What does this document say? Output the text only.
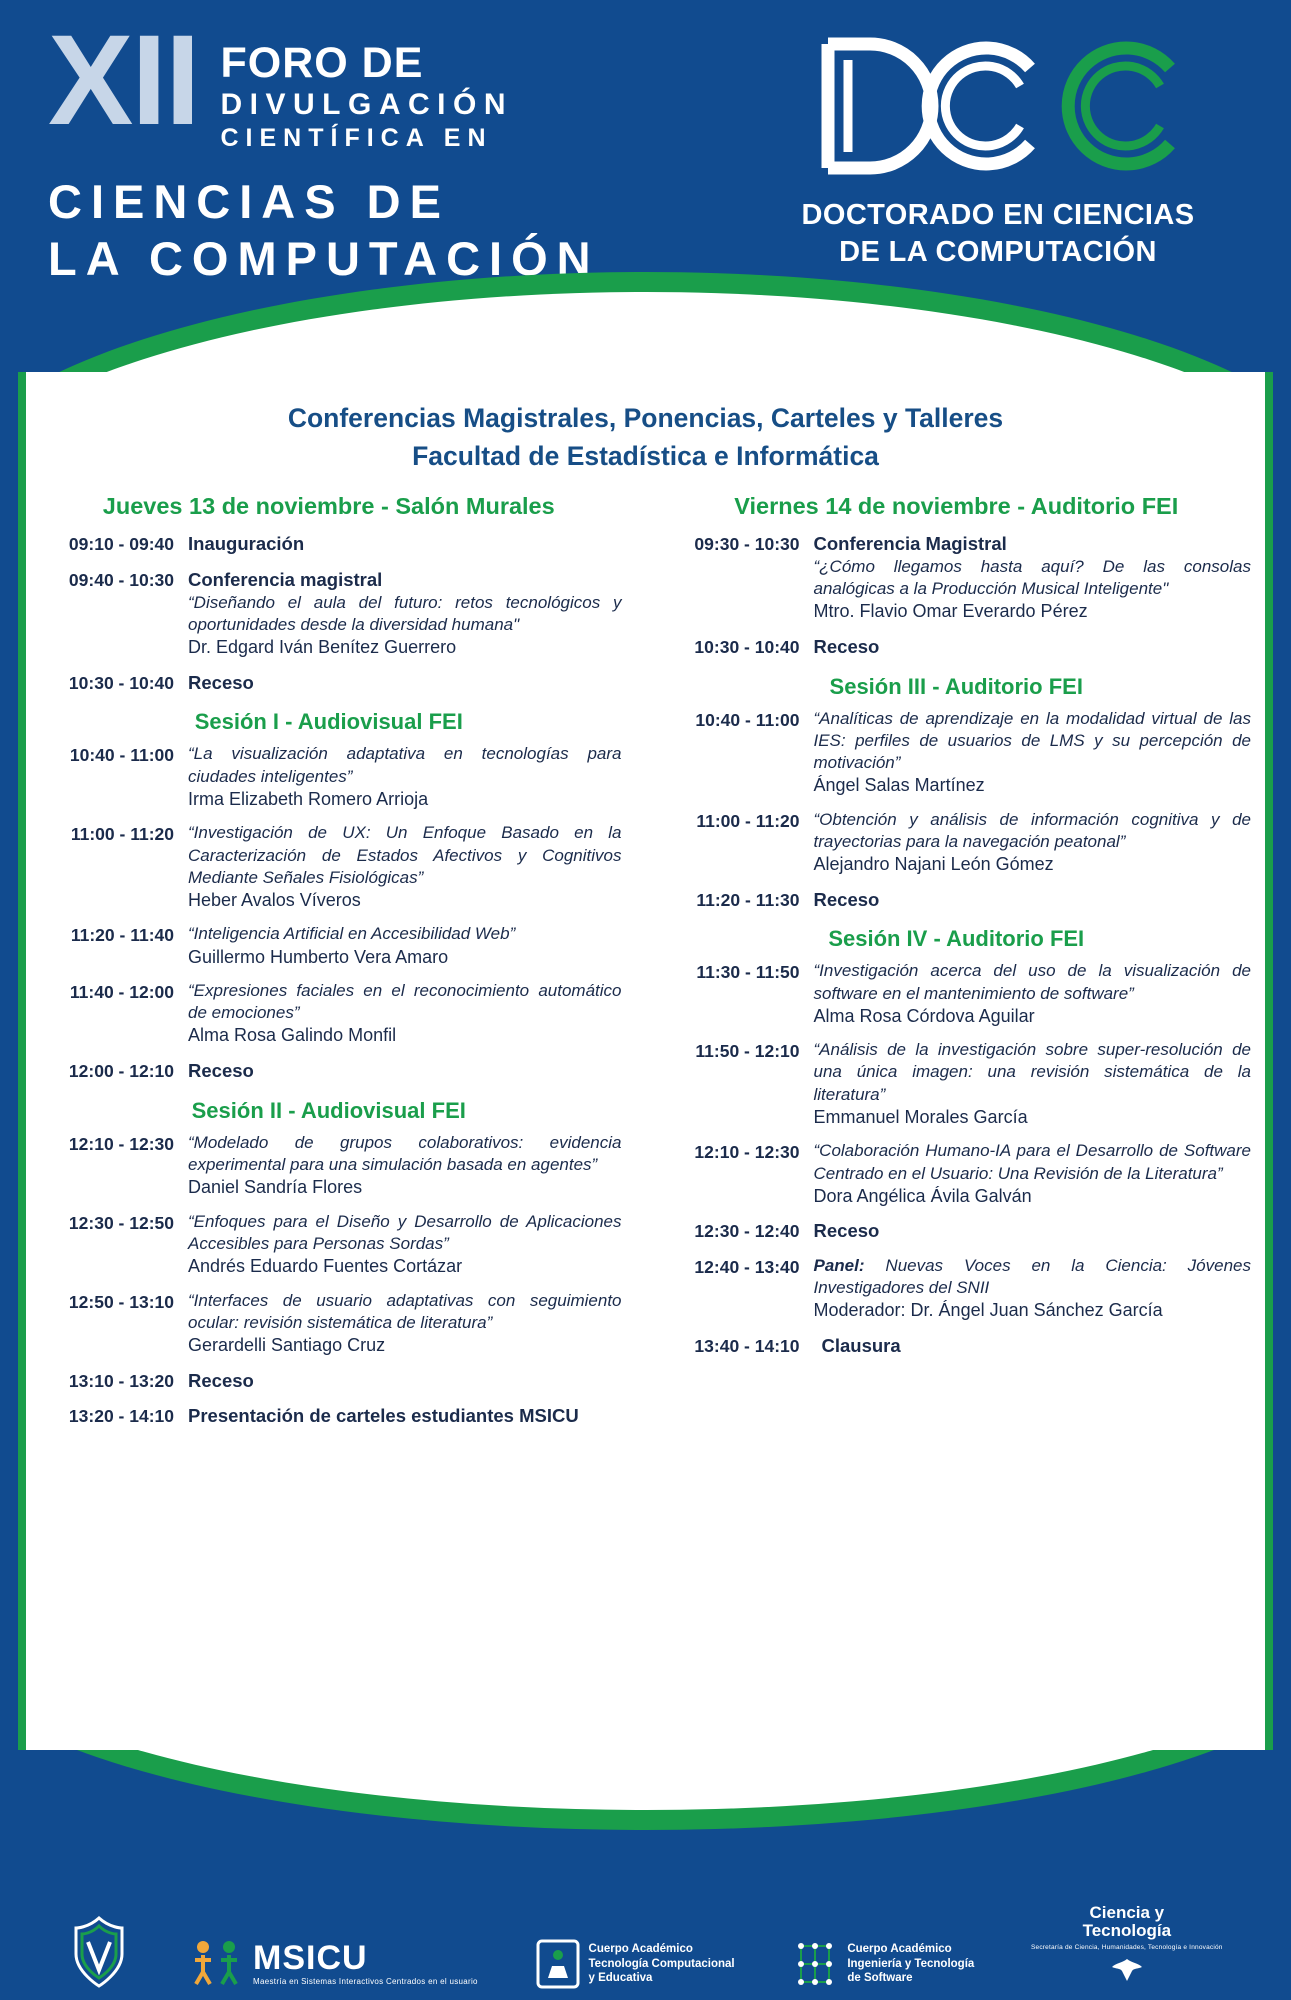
XII FORO DE
DIVULGACIÓN
CIENTÍFICA EN
CIENCIAS DE
LA COMPUTACIÓN
DOCTORADO EN CIENCIAS
DE LA COMPUTACIÓN
Conferencias Magistrales, Ponencias, Carteles y Talleres
Facultad de Estadística e Informática
Jueves 13 de noviembre - Salón Murales
09:10 - 09:40 Inauguración
09:40 - 10:30 Conferencia magistral
“Diseñando el aula del futuro: retos tecnológicos y oportunidades desde la diversidad humana"
Dr. Edgard Iván Benítez Guerrero
10:30 - 10:40 Receso
Sesión I - Audiovisual FEI
10:40 - 11:00 “La visualización adaptativa en tecnologías para ciudades inteligentes”
Irma Elizabeth Romero Arrioja
11:00 - 11:20 “Investigación de UX: Un Enfoque Basado en la Caracterización de Estados Afectivos y Cognitivos Mediante Señales Fisiológicas”
Heber Avalos Víveros
11:20 - 11:40 “Inteligencia Artificial en Accesibilidad Web”
Guillermo Humberto Vera Amaro
11:40 - 12:00 “Expresiones faciales en el reconocimiento automático de emociones”
Alma Rosa Galindo Monfil
12:00 - 12:10 Receso
Sesión II - Audiovisual FEI
12:10 - 12:30 “Modelado de grupos colaborativos: evidencia experimental para una simulación basada en agentes”
Daniel Sandría Flores
12:30 - 12:50 “Enfoques para el Diseño y Desarrollo de Aplicaciones Accesibles para Personas Sordas”
Andrés Eduardo Fuentes Cortázar
12:50 - 13:10 “Interfaces de usuario adaptativas con seguimiento ocular: revisión sistemática de literatura”
Gerardelli Santiago Cruz
13:10 - 13:20 Receso
13:20 - 14:10 Presentación de carteles estudiantes MSICU
Viernes 14 de noviembre - Auditorio FEI
09:30 - 10:30 Conferencia Magistral
“¿Cómo llegamos hasta aquí? De las consolas analógicas a la Producción Musical Inteligente"
Mtro. Flavio Omar Everardo Pérez
10:30 - 10:40 Receso
Sesión III - Auditorio FEI
10:40 - 11:00 “Analíticas de aprendizaje en la modalidad virtual de las IES: perfiles de usuarios de LMS y su percepción de motivación”
Ángel Salas Martínez
11:00 - 11:20 “Obtención y análisis de información cognitiva y de trayectorias para la navegación peatonal”
Alejandro Najani León Gómez
11:20 - 11:30 Receso
Sesión IV - Auditorio FEI
11:30 - 11:50 “Investigación acerca del uso de la visualización de software en el mantenimiento de software”
Alma Rosa Córdova Aguilar
11:50 - 12:10 “Análisis de la investigación sobre super-resolución de una única imagen: una revisión sistemática de la literatura”
Emmanuel Morales García
12:10 - 12:30 “Colaboración Humano-IA para el Desarrollo de Software Centrado en el Usuario: Una Revisión de la Literatura”
Dora Angélica Ávila Galván
12:30 - 12:40 Receso
12:40 - 13:40 Panel: Nuevas Voces en la Ciencia: Jóvenes Investigadores del SNII
Moderador: Dr. Ángel Juan Sánchez García
13:40 - 14:10	Clausura
MSICU
Maestría en Sistemas Interactivos Centrados en el usuario
Cuerpo Académico
Tecnología Computacional
y Educativa
Cuerpo Académico
Ingeniería y Tecnología
de Software
Ciencia y
Tecnología
Secretaría de Ciencia, Humanidades, Tecnología e Innovación
